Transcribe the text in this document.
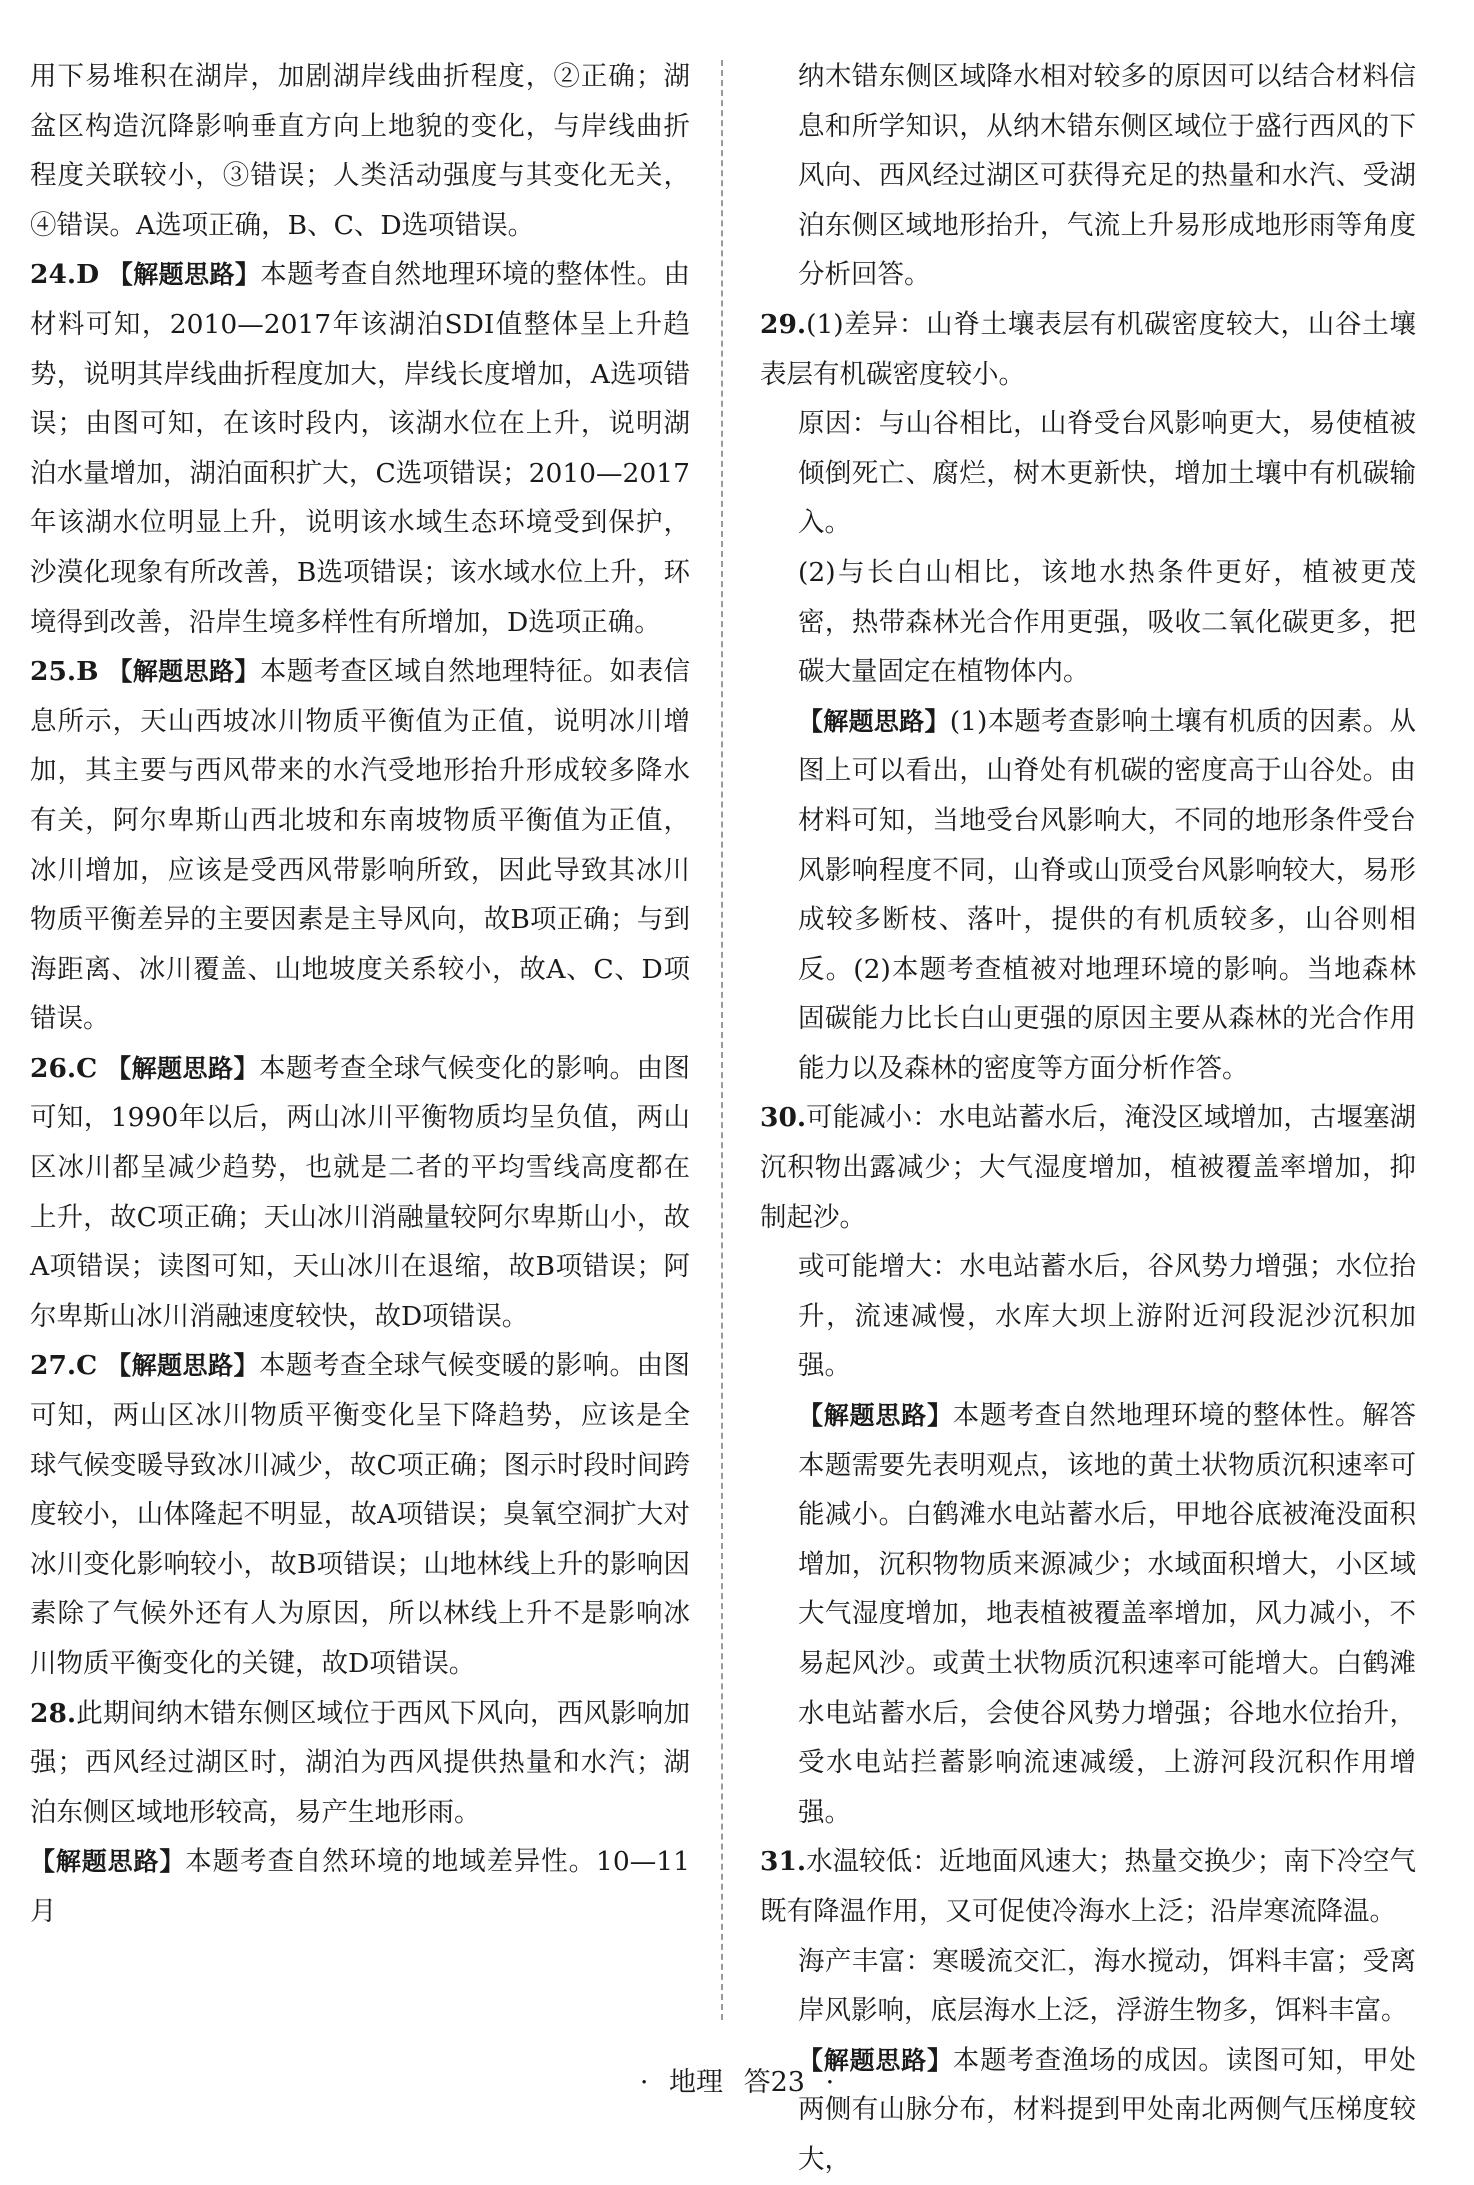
用下易堆积在湖岸，加剧湖岸线曲折程度，②正确；湖盆区构造沉降影响垂直方向上地貌的变化，与岸线曲折程度关联较小，③错误；人类活动强度与其变化无关，④错误。A选项正确，B、C、D选项错误。

24.D 【解题思路】本题考查自然地理环境的整体性。由材料可知，2010—2017年该湖泊SDI值整体呈上升趋势，说明其岸线曲折程度加大，岸线长度增加，A选项错误；由图可知，在该时段内，该湖水位在上升，说明湖泊水量增加，湖泊面积扩大，C选项错误；2010—2017年该湖水位明显上升，说明该水域生态环境受到保护，沙漠化现象有所改善，B选项错误；该水域水位上升，环境得到改善，沿岸生境多样性有所增加，D选项正确。
25.B 【解题思路】本题考查区域自然地理特征。如表信息所示，天山西坡冰川物质平衡值为正值，说明冰川增加，其主要与西风带来的水汽受地形抬升形成较多降水有关，阿尔卑斯山西北坡和东南坡物质平衡值为正值，冰川增加，应该是受西风带影响所致，因此导致其冰川物质平衡差异的主要因素是主导风向，故B项正确；与到海距离、冰川覆盖、山地坡度关系较小，故A、C、D项错误。
26.C 【解题思路】本题考查全球气候变化的影响。由图可知，1990年以后，两山冰川平衡物质均呈负值，两山区冰川都呈减少趋势，也就是二者的平均雪线高度都在上升，故C项正确；天山冰川消融量较阿尔卑斯山小，故A项错误；读图可知，天山冰川在退缩，故B项错误；阿尔卑斯山冰川消融速度较快，故D项错误。
27.C 【解题思路】本题考查全球气候变暖的影响。由图可知，两山区冰川物质平衡变化呈下降趋势，应该是全球气候变暖导致冰川减少，故C项正确；图示时段时间跨度较小，山体隆起不明显，故A项错误；臭氧空洞扩大对冰川变化影响较小，故B项错误；山地林线上升的影响因素除了气候外还有人为原因，所以林线上升不是影响冰川物质平衡变化的关键，故D项错误。
28.此期间纳木错东侧区域位于西风下风向，西风影响加强；西风经过湖区时，湖泊为西风提供热量和水汽；湖泊东侧区域地形较高，易产生地形雨。
【解题思路】本题考查自然环境的地域差异性。10—11月

纳木错东侧区域降水相对较多的原因可以结合材料信息和所学知识，从纳木错东侧区域位于盛行西风的下风向、西风经过湖区可获得充足的热量和水汽、受湖泊东侧区域地形抬升，气流上升易形成地形雨等角度分析回答。

29.(1)差异：山脊土壤表层有机碳密度较大，山谷土壤表层有机碳密度较小。

原因：与山谷相比，山脊受台风影响更大，易使植被倾倒死亡、腐烂，树木更新快，增加土壤中有机碳输入。

(2)与长白山相比，该地水热条件更好，植被更茂密，热带森林光合作用更强，吸收二氧化碳更多，把碳大量固定在植物体内。

【解题思路】(1)本题考查影响土壤有机质的因素。从图上可以看出，山脊处有机碳的密度高于山谷处。由材料可知，当地受台风影响大，不同的地形条件受台风影响程度不同，山脊或山顶受台风影响较大，易形成较多断枝、落叶，提供的有机质较多，山谷则相反。(2)本题考查植被对地理环境的影响。当地森林固碳能力比长白山更强的原因主要从森林的光合作用能力以及森林的密度等方面分析作答。
30.可能减小：水电站蓄水后，淹没区域增加，古堰塞湖沉积物出露减少；大气湿度增加，植被覆盖率增加，抑制起沙。

或可能增大：水电站蓄水后，谷风势力增强；水位抬升，流速减慢，水库大坝上游附近河段泥沙沉积加强。

【解题思路】本题考查自然地理环境的整体性。解答本题需要先表明观点，该地的黄土状物质沉积速率可能减小。白鹤滩水电站蓄水后，甲地谷底被淹没面积增加，沉积物物质来源减少；水域面积增大，小区域大气湿度增加，地表植被覆盖率增加，风力减小，不易起风沙。或黄土状物质沉积速率可能增大。白鹤滩水电站蓄水后，会使谷风势力增强；谷地水位抬升，受水电站拦蓄影响流速减缓，上游河段沉积作用增强。
31.水温较低：近地面风速大；热量交换少；南下冷空气既有降温作用，又可促使冷海水上泛；沿岸寒流降温。

海产丰富：寒暖流交汇，海水搅动，饵料丰富；受离岸风影响，底层海水上泛，浮游生物多，饵料丰富。

【解题思路】本题考查渔场的成因。读图可知，甲处两侧有山脉分布，材料提到甲处南北两侧气压梯度较大，
· 地理 答23 ·
